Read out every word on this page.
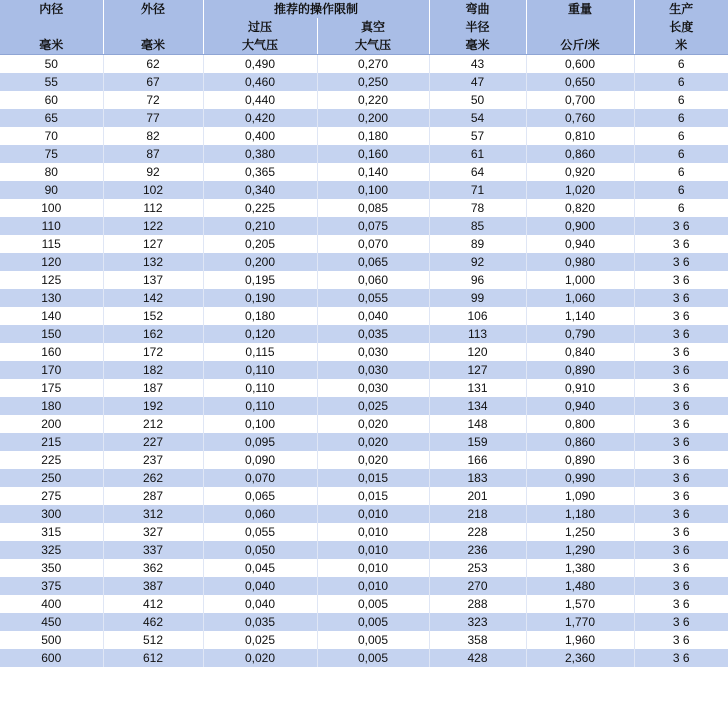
内径	外径	推荐的操作限制		弯曲	重量	生产
		过压	真空	半径		长度
毫米	毫米	大气压	大气压	毫米	公斤/米	米
50	62	0,490	0,270	43	0,600	6
55	67	0,460	0,250	47	0,650	6
60	72	0,440	0,220	50	0,700	6
65	77	0,420	0,200	54	0,760	6
70	82	0,400	0,180	57	0,810	6
75	87	0,380	0,160	61	0,860	6
80	92	0,365	0,140	64	0,920	6
90	102	0,340	0,100	71	1,020	6
100	112	0,225	0,085	78	0,820	6
110	122	0,210	0,075	85	0,900	3 6
115	127	0,205	0,070	89	0,940	3 6
120	132	0,200	0,065	92	0,980	3 6
125	137	0,195	0,060	96	1,000	3 6
130	142	0,190	0,055	99	1,060	3 6
140	152	0,180	0,040	106	1,140	3 6
150	162	0,120	0,035	113	0,790	3 6
160	172	0,115	0,030	120	0,840	3 6
170	182	0,110	0,030	127	0,890	3 6
175	187	0,110	0,030	131	0,910	3 6
180	192	0,110	0,025	134	0,940	3 6
200	212	0,100	0,020	148	0,800	3 6
215	227	0,095	0,020	159	0,860	3 6
225	237	0,090	0,020	166	0,890	3 6
250	262	0,070	0,015	183	0,990	3 6
275	287	0,065	0,015	201	1,090	3 6
300	312	0,060	0,010	218	1,180	3 6
315	327	0,055	0,010	228	1,250	3 6
325	337	0,050	0,010	236	1,290	3 6
350	362	0,045	0,010	253	1,380	3 6
375	387	0,040	0,010	270	1,480	3 6
400	412	0,040	0,005	288	1,570	3 6
450	462	0,035	0,005	323	1,770	3 6
500	512	0,025	0,005	358	1,960	3 6
600	612	0,020	0,005	428	2,360	3 6
